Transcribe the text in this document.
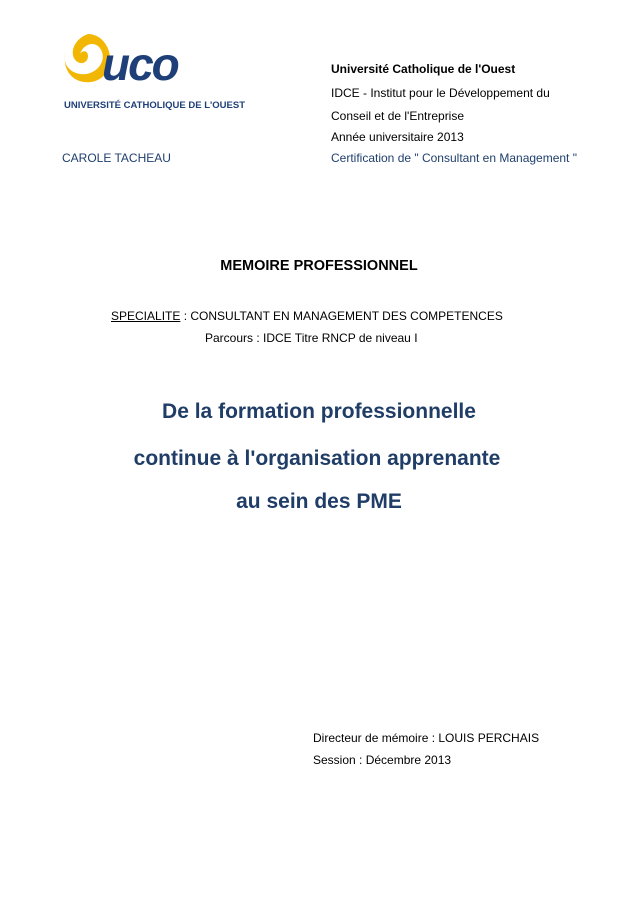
uco
UNIVERSITÉ CATHOLIQUE DE L'OUEST
Université Catholique de l'Ouest
IDCE - Institut pour le Développement du
Conseil et de l'Entreprise
Année universitaire 2013
CAROLE TACHEAU	Certification de " Consultant en Management "
MEMOIRE PROFESSIONNEL
SPECIALITE : CONSULTANT EN MANAGEMENT DES COMPETENCES
Parcours : IDCE Titre RNCP de niveau I
De la formation professionnelle
continue à l'organisation apprenante
au sein des PME
Directeur de mémoire : LOUIS PERCHAIS
Session : Décembre 2013
